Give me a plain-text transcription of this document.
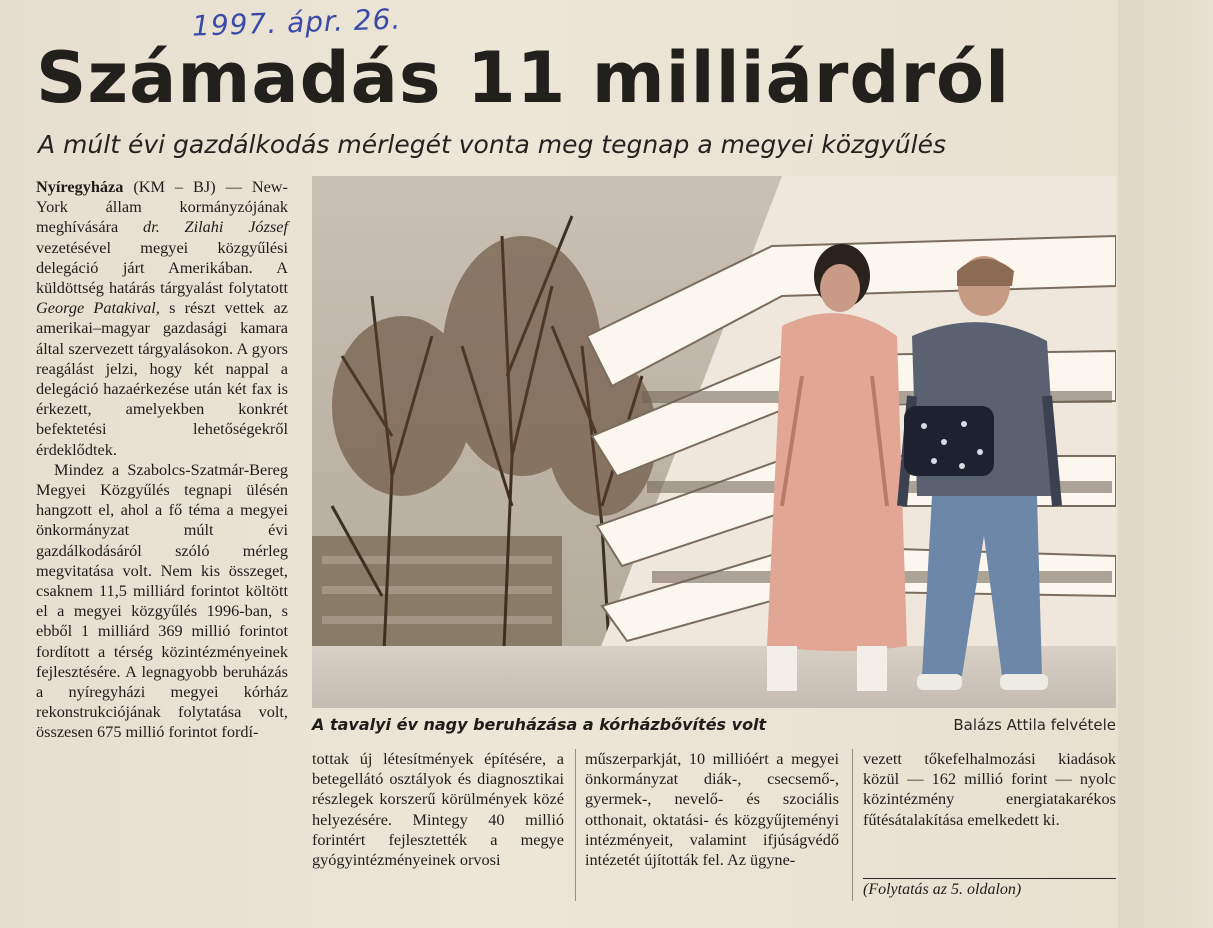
1997. ápr. 26.
Számadás 11 milliárdról
A múlt évi gazdálkodás mérlegét vonta meg tegnap a megyei közgyűlés

Nyíregyháza (KM – BJ) — New-York állam kormányzójának meghívására dr. Zilahi József vezetésével megyei közgyűlési delegáció járt Amerikában. A küldöttség határás tárgyalást folytatott George Patakival, s részt vettek az amerikai–magyar gazdasági kamara által szervezett tárgyalásokon. A gyors reagálást jelzi, hogy két nappal a delegáció hazaérkezése után két fax is érkezett, amelyekben konkrét befektetési lehetőségekről érdeklődtek.

Mindez a Szabolcs-Szatmár-Bereg Megyei Közgyűlés tegnapi ülésén hangzott el, ahol a fő téma a megyei önkormányzat múlt évi gazdálkodásáról szóló mérleg megvitatása volt. Nem kis összeget, csaknem 11,5 milliárd forintot költött el a megyei közgyűlés 1996-ban, s ebből 1 milliárd 369 millió forintot fordított a térség közintézményeinek fejlesztésére. A legnagyobb beruházás a nyíregyházi megyei kórház rekonstrukciójának folytatása volt, összesen 675 millió forintot fordí-	A tavalyi év nagy beruházása a kórházbővítés volt	Balázs Attila felvétele
tottak új létesítmények építésére, a betegellátó osztályok és diagnosztikai részlegek korszerű körülmények közé helyezésére. Mintegy 40 millió forintért fejlesztették a megye gyógyintézményeinek orvosi
műszerparkját, 10 millióért a megyei önkormányzat diák-, csecsemő-, gyermek-, nevelő- és szociális otthonait, oktatási- és közgyűjteményi intézményeit, valamint ifjúságvédő intézetét újították fel. Az ügyne-
vezett tőkefelhalmozási kiadások közül — 162 millió forint — nyolc közintézmény energiatakarékos fűtésátalakítása emelkedett ki.
(Folytatás az 5. oldalon)
